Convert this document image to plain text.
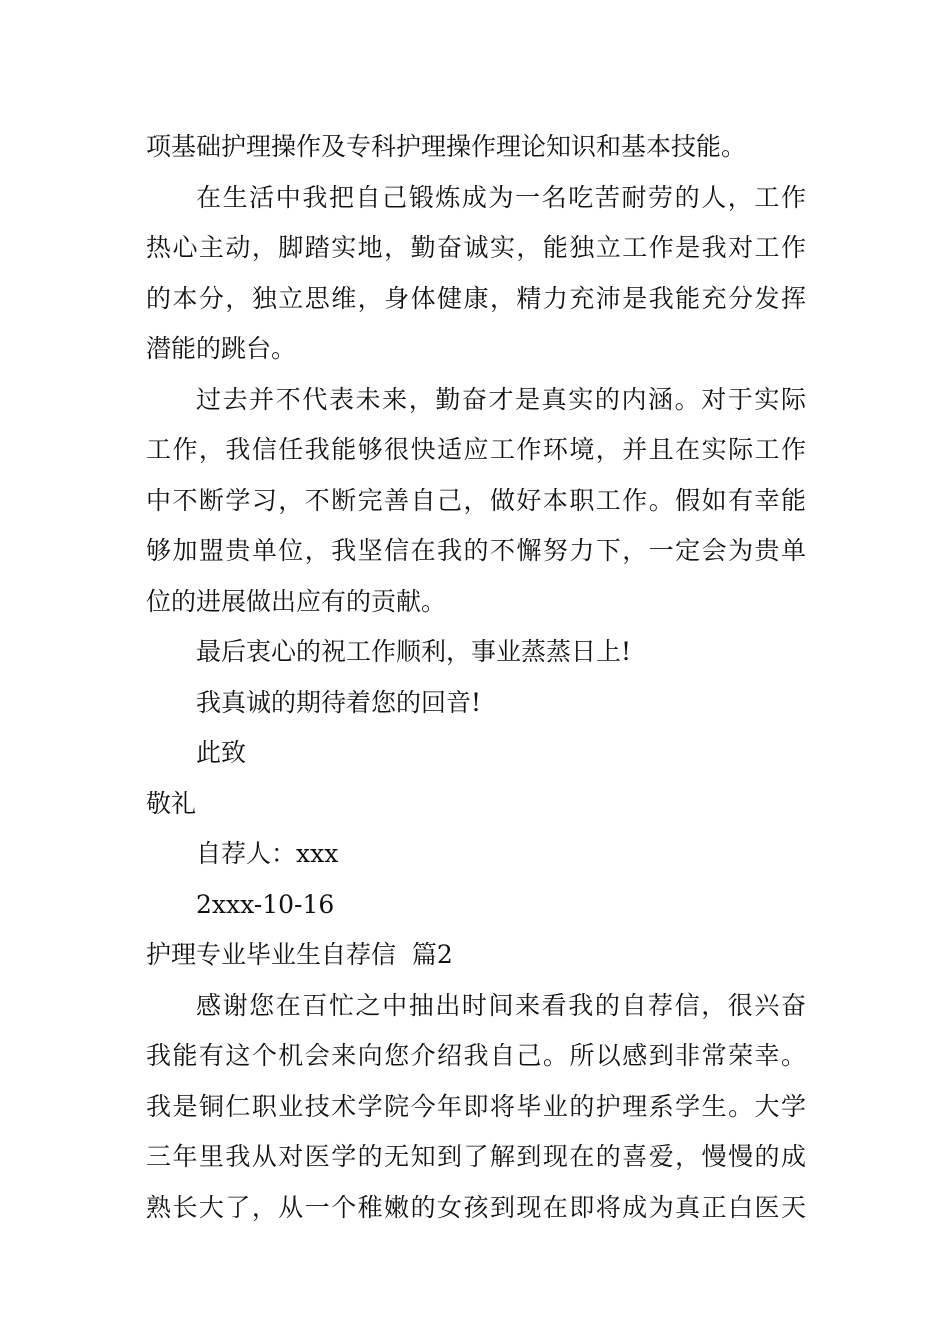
项基础护理操作及专科护理操作理论知识和基本技能。
在生活中我把自己锻炼成为一名吃苦耐劳的人，工作
热心主动，脚踏实地，勤奋诚实，能独立工作是我对工作
的本分，独立思维，身体健康，精力充沛是我能充分发挥
潜能的跳台。
过去并不代表未来，勤奋才是真实的内涵。对于实际
工作，我信任我能够很快适应工作环境，并且在实际工作
中不断学习，不断完善自己，做好本职工作。假如有幸能
够加盟贵单位，我坚信在我的不懈努力下，一定会为贵单
位的进展做出应有的贡献。
最后衷心的祝工作顺利，事业蒸蒸日上!
我真诚的期待着您的回音!
此致
敬礼
自荐人：xxx
2xxx-10-16
护理专业毕业生自荐信  篇2
感谢您在百忙之中抽出时间来看我的自荐信，很兴奋
我能有这个机会来向您介绍我自己。所以感到非常荣幸。
我是铜仁职业技术学院今年即将毕业的护理系学生。大学
三年里我从对医学的无知到了解到现在的喜爱，慢慢的成
熟长大了，从一个稚嫩的女孩到现在即将成为真正白医天
